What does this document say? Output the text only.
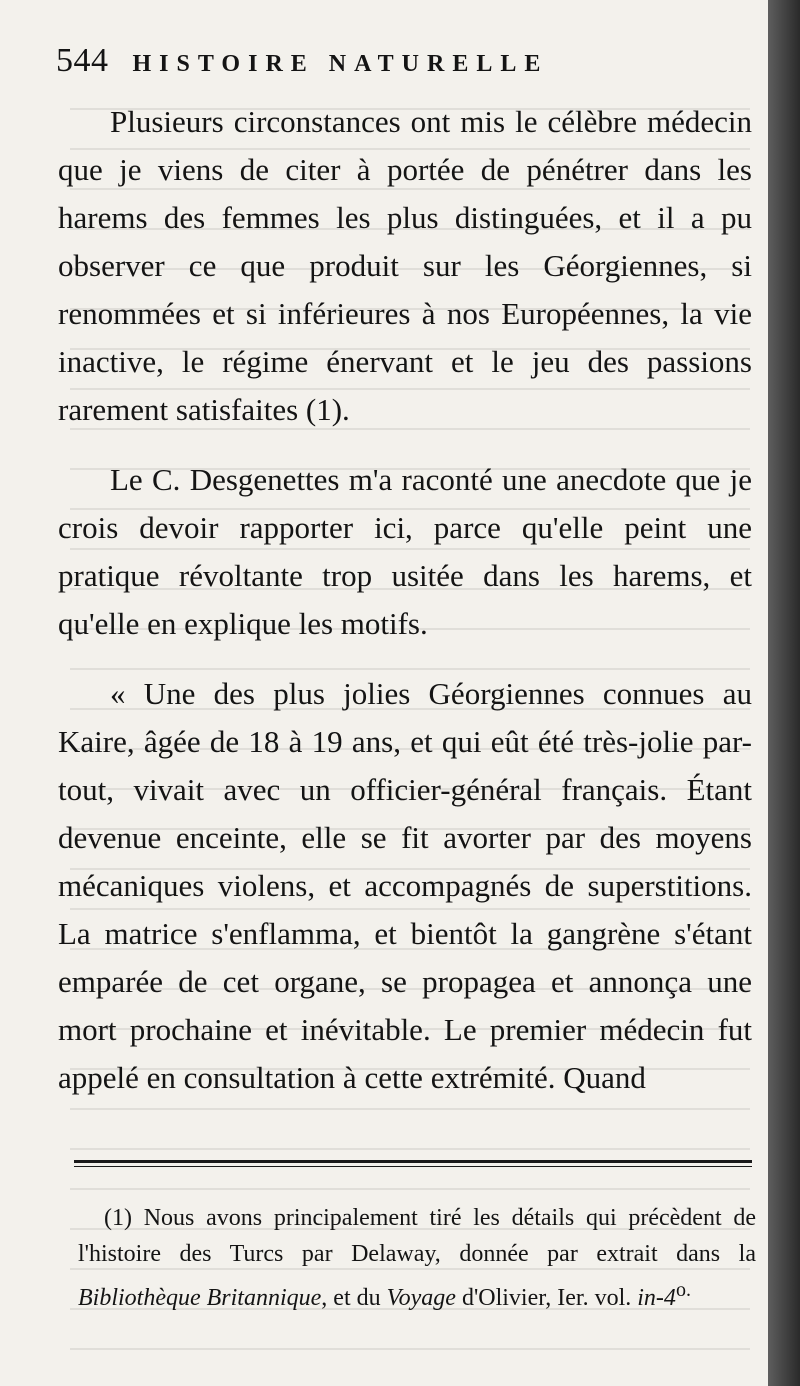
544 HISTOIRE NATURELLE

Plusieurs circonstances ont mis le célèbre médecin que je viens de citer à portée de pénétrer dans les harems des femmes les plus distinguées, et il a pu observer ce que produit sur les Géorgiennes, si renommées et si inférieures à nos Européennes, la vie inactive, le régime énervant et le jeu des passions rarement satisfaites (1).

Le C. Desgenettes m'a raconté une anecdote que je crois devoir rapporter ici, parce qu'elle peint une pratique révoltante trop usitée dans les harems, et qu'elle en explique les motifs.

« Une des plus jolies Géorgiennes connues au Kaire, âgée de 18 à 19 ans, et qui eût été très-jolie par-tout, vivait avec un officier-général français. Étant devenue enceinte, elle se fit avorter par des moyens mécaniques violens, et accompagnés de superstitions. La matrice s'enflamma, et bientôt la gangrène s'étant emparée de cet organe, se propagea et annonça une mort prochaine et inévitable. Le premier médecin fut appelé en consultation à cette extrémité. Quand

(1) Nous avons principalement tiré les détails qui précèdent de l'histoire des Turcs par Delaway, donnée par extrait dans la Bibliothèque Britannique, et du Voyage d'Olivier, Ier. vol. $in-4^{o.}$
